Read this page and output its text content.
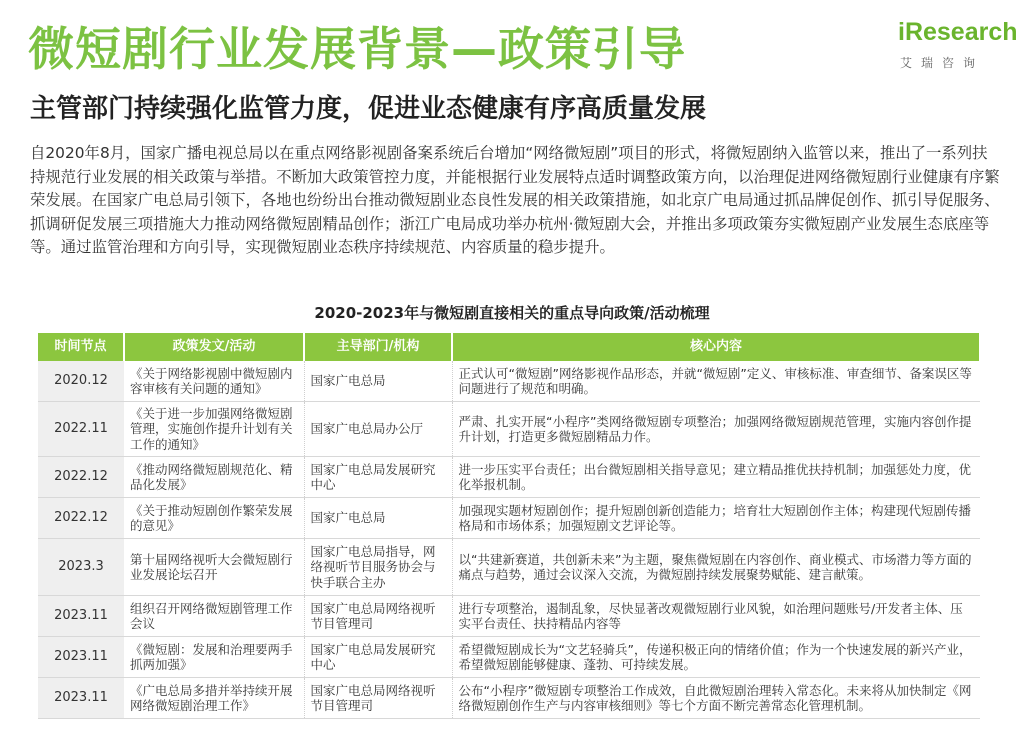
微短剧行业发展背景—政策引导	iResearch
艾瑞咨询
主管部门持续强化监管力度，促进业态健康有序高质量发展

自2020年8月，国家广播电视总局以在重点网络影视剧备案系统后台增加“网络微短剧”项目的形式，将微短剧纳入监管以来，推出了一系列扶持规范行业发展的相关政策与举措。不断加大政策管控力度，并能根据行业发展特点适时调整政策方向，以治理促进网络微短剧行业健康有序繁荣发展。在国家广电总局引领下，各地也纷纷出台推动微短剧业态良性发展的相关政策措施，如北京广电局通过抓品牌促创作、抓引导促服务、抓调研促发展三项措施大力推动网络微短剧精品创作；浙江广电局成功举办杭州·微短剧大会，并推出多项政策夯实微短剧产业发展生态底座等等。通过监管治理和方向引导，实现微短剧业态秩序持续规范、内容质量的稳步提升。

2020-2023年与微短剧直接相关的重点导向政策/活动梳理
时间节点	政策发文/活动	主导部门/机构	核心内容
2020.12	《关于网络影视剧中微短剧内容审核有关问题的通知》	国家广电总局	正式认可“微短剧”网络影视作品形态，并就“微短剧”定义、审核标准、审查细节、备案误区等问题进行了规范和明确。
2022.11	《关于进一步加强网络微短剧管理，实施创作提升计划有关工作的通知》	国家广电总局办公厅	严肃、扎实开展“小程序”类网络微短剧专项整治；加强网络微短剧规范管理，实施内容创作提升计划，打造更多微短剧精品力作。
2022.12	《推动网络微短剧规范化、精品化发展》	国家广电总局发展研究中心	进一步压实平台责任；出台微短剧相关指导意见；建立精品推优扶持机制；加强惩处力度，优化举报机制。
2022.12	《关于推动短剧创作繁荣发展的意见》	国家广电总局	加强现实题材短剧创作；提升短剧创新创造能力；培育壮大短剧创作主体；构建现代短剧传播格局和市场体系；加强短剧文艺评论等。
2023.3	第十届网络视听大会微短剧行业发展论坛召开	国家广电总局指导，网络视听节目服务协会与快手联合主办	以“共建新赛道，共创新未来”为主题，聚焦微短剧在内容创作、商业模式、市场潜力等方面的痛点与趋势，通过会议深入交流，为微短剧持续发展聚势赋能、建言献策。
2023.11	组织召开网络微短剧管理工作会议	国家广电总局网络视听节目管理司	进行专项整治，遏制乱象，尽快显著改观微短剧行业风貌，如治理问题账号/开发者主体、压实平台责任、扶持精品内容等
2023.11	《微短剧：发展和治理要两手抓两加强》	国家广电总局发展研究中心	希望微短剧成长为“文艺轻骑兵”，传递积极正向的情绪价值；作为一个快速发展的新兴产业，希望微短剧能够健康、蓬勃、可持续发展。
2023.11	《广电总局多措并举持续开展网络微短剧治理工作》	国家广电总局网络视听节目管理司	公布“小程序”微短剧专项整治工作成效，自此微短剧治理转入常态化。未来将从加快制定《网络微短剧创作生产与内容审核细则》等七个方面不断完善常态化管理机制。
